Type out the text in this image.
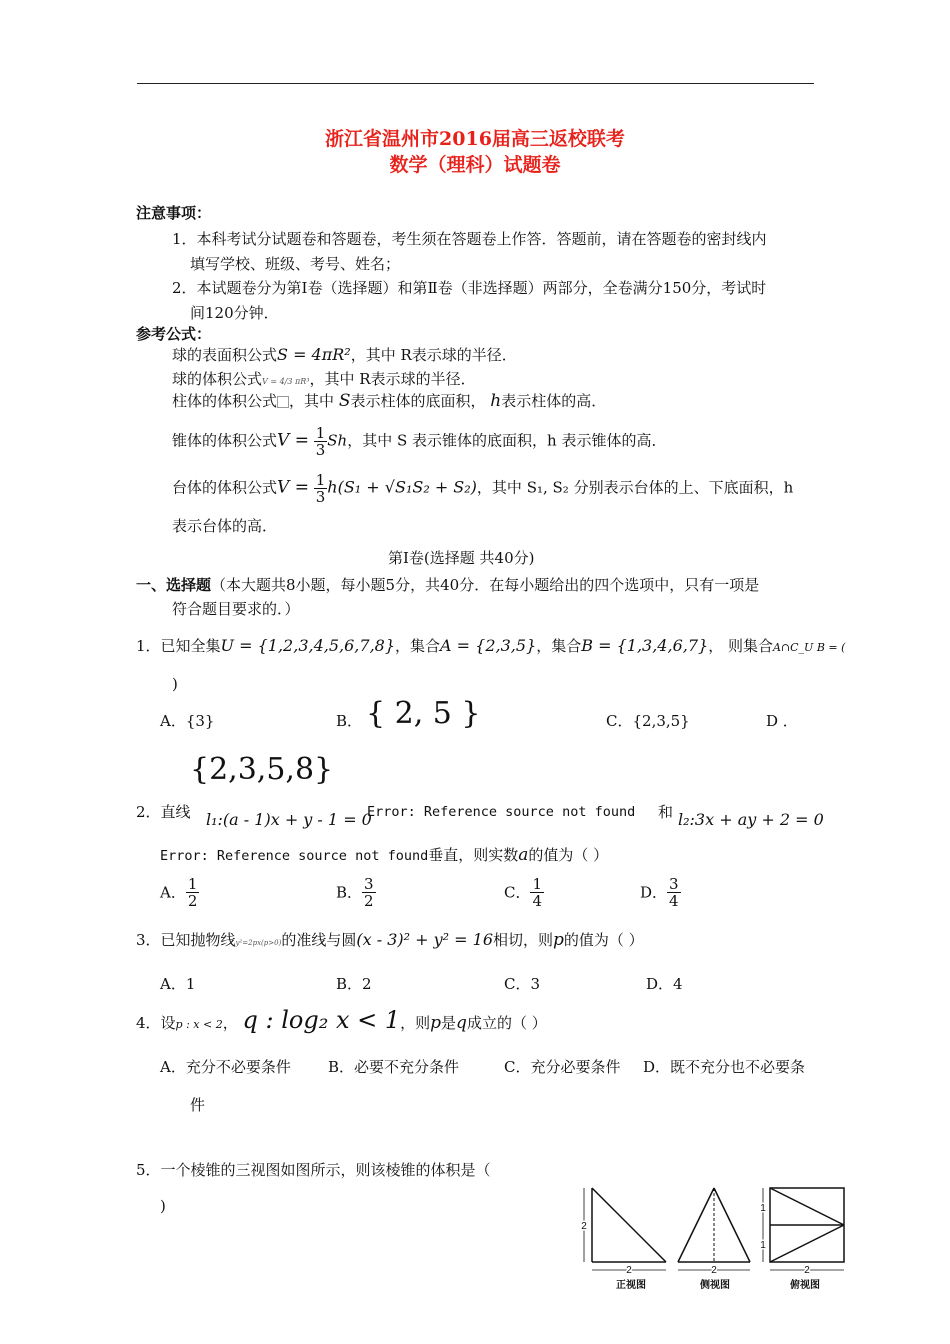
浙江省温州市2016届高三返校联考
数学（理科）试题卷
注意事项：
1．本科考试分试题卷和答题卷，考生须在答题卷上作答．答题前，请在答题卷的密封线内
填写学校、班级、考号、姓名；
2．本试题卷分为第Ⅰ卷（选择题）和第Ⅱ卷（非选择题）两部分，全卷满分150分，考试时
间120分钟．
参考公式：
球的表面积公式S = 4πR²，其中 R表示球的半径．
球的体积公式V = 4/3 πR³，其中 R表示球的半径．
柱体的体积公式 ，其中 S表示柱体的底面积， h表示柱体的高．
锥体的体积公式$V = \frac{1}{3}$ Sh，其中 S 表示锥体的底面积，h 表示锥体的高．
台体的体积公式$V = \frac{1}{3} h(S_1 + √S_1S_2 + S_2)$，其中 S₁, S₂ 分别表示台体的上、下底面积，h
表示台体的高．
第Ⅰ卷(选择题 共40分)
一、选择题（本大题共8小题，每小题5分，共40分．在每小题给出的四个选项中，只有一项是
符合题目要求的．）
1．已知全集U = {1,2,3,4,5,6,7,8}，集合A = {2,3,5}，集合B = {1,3,4,6,7}， 则集合A∩C_U B = (
)
A．{3}	B． { 2, 5 }	C．{2,3,5}	D ．
{2,3,5,8}
2．直线 l₁:(a - 1)x + y - 1 = 0
Error: Reference source not found 和 l₂:3x + ay + 2 = 0
Error: Reference source not found垂直，则实数a的值为（ ）
A． $\frac{1}{2}$	B． $\frac{3}{2}$	C． $\frac{1}{4}$	D． $\frac{3}{4}$
3．已知抛物线y²=2px(p>0)的准线与圆(x - 3)² + y² = 16相切，则p的值为（ ）
A．1	B．2	C．3	D．4
4．设p : x < 2， q : log₂ x < 1，则p是q成立的（ ）
A．充分不必要条件 B．必要不充分条件	C．充分必要条件 D．既不充分也不必要条
件
5．一个棱锥的三视图如图所示，则该棱锥的体积是（
)
2
2
正视图
2
侧视图
1
1
2
俯视图
